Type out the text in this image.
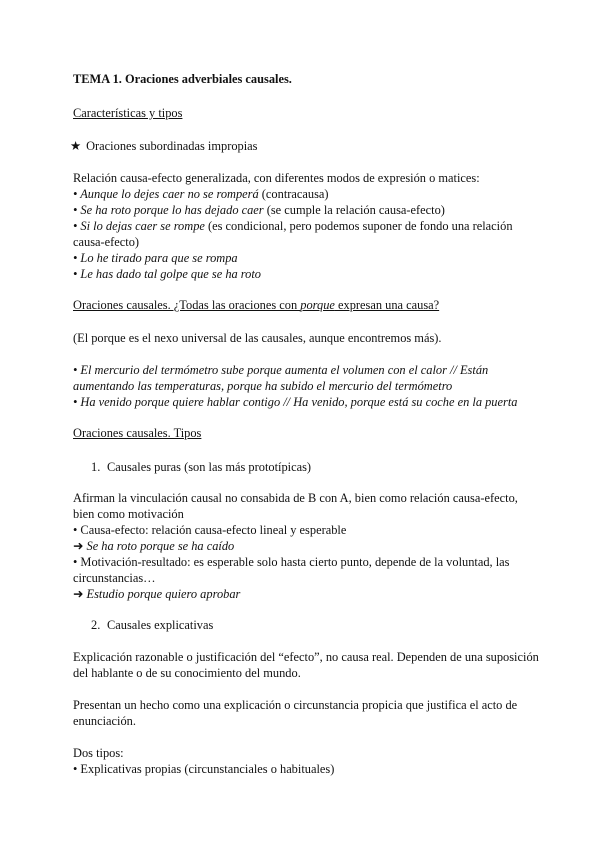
TEMA 1. Oraciones adverbiales causales.
Características y tipos
★ Oraciones subordinadas impropias
Relación causa-efecto generalizada, con diferentes modos de expresión o matices:
• Aunque lo dejes caer no se romperá (contracausa)
• Se ha roto porque lo has dejado caer (se cumple la relación causa-efecto)
• Si lo dejas caer se rompe (es condicional, pero podemos suponer de fondo una relación
causa-efecto)
• Lo he tirado para que se rompa
• Le has dado tal golpe que se ha roto
Oraciones causales. ¿Todas las oraciones con porque expresan una causa?
(El porque es el nexo universal de las causales, aunque encontremos más).
• El mercurio del termómetro sube porque aumenta el volumen con el calor // Están
aumentando las temperaturas, porque ha subido el mercurio del termómetro
• Ha venido porque quiere hablar contigo // Ha venido, porque está su coche en la puerta
Oraciones causales. Tipos
1. Causales puras (son las más prototípicas)
Afirman la vinculación causal no consabida de B con A, bien como relación causa-efecto,
bien como motivación
• Causa-efecto: relación causa-efecto lineal y esperable
➜ Se ha roto porque se ha caído
• Motivación-resultado: es esperable solo hasta cierto punto, depende de la voluntad, las
circunstancias…
➜ Estudio porque quiero aprobar
2. Causales explicativas
Explicación razonable o justificación del “efecto”, no causa real. Dependen de una suposición
del hablante o de su conocimiento del mundo.
Presentan un hecho como una explicación o circunstancia propicia que justifica el acto de
enunciación.
Dos tipos:
• Explicativas propias (circunstanciales o habituales)
